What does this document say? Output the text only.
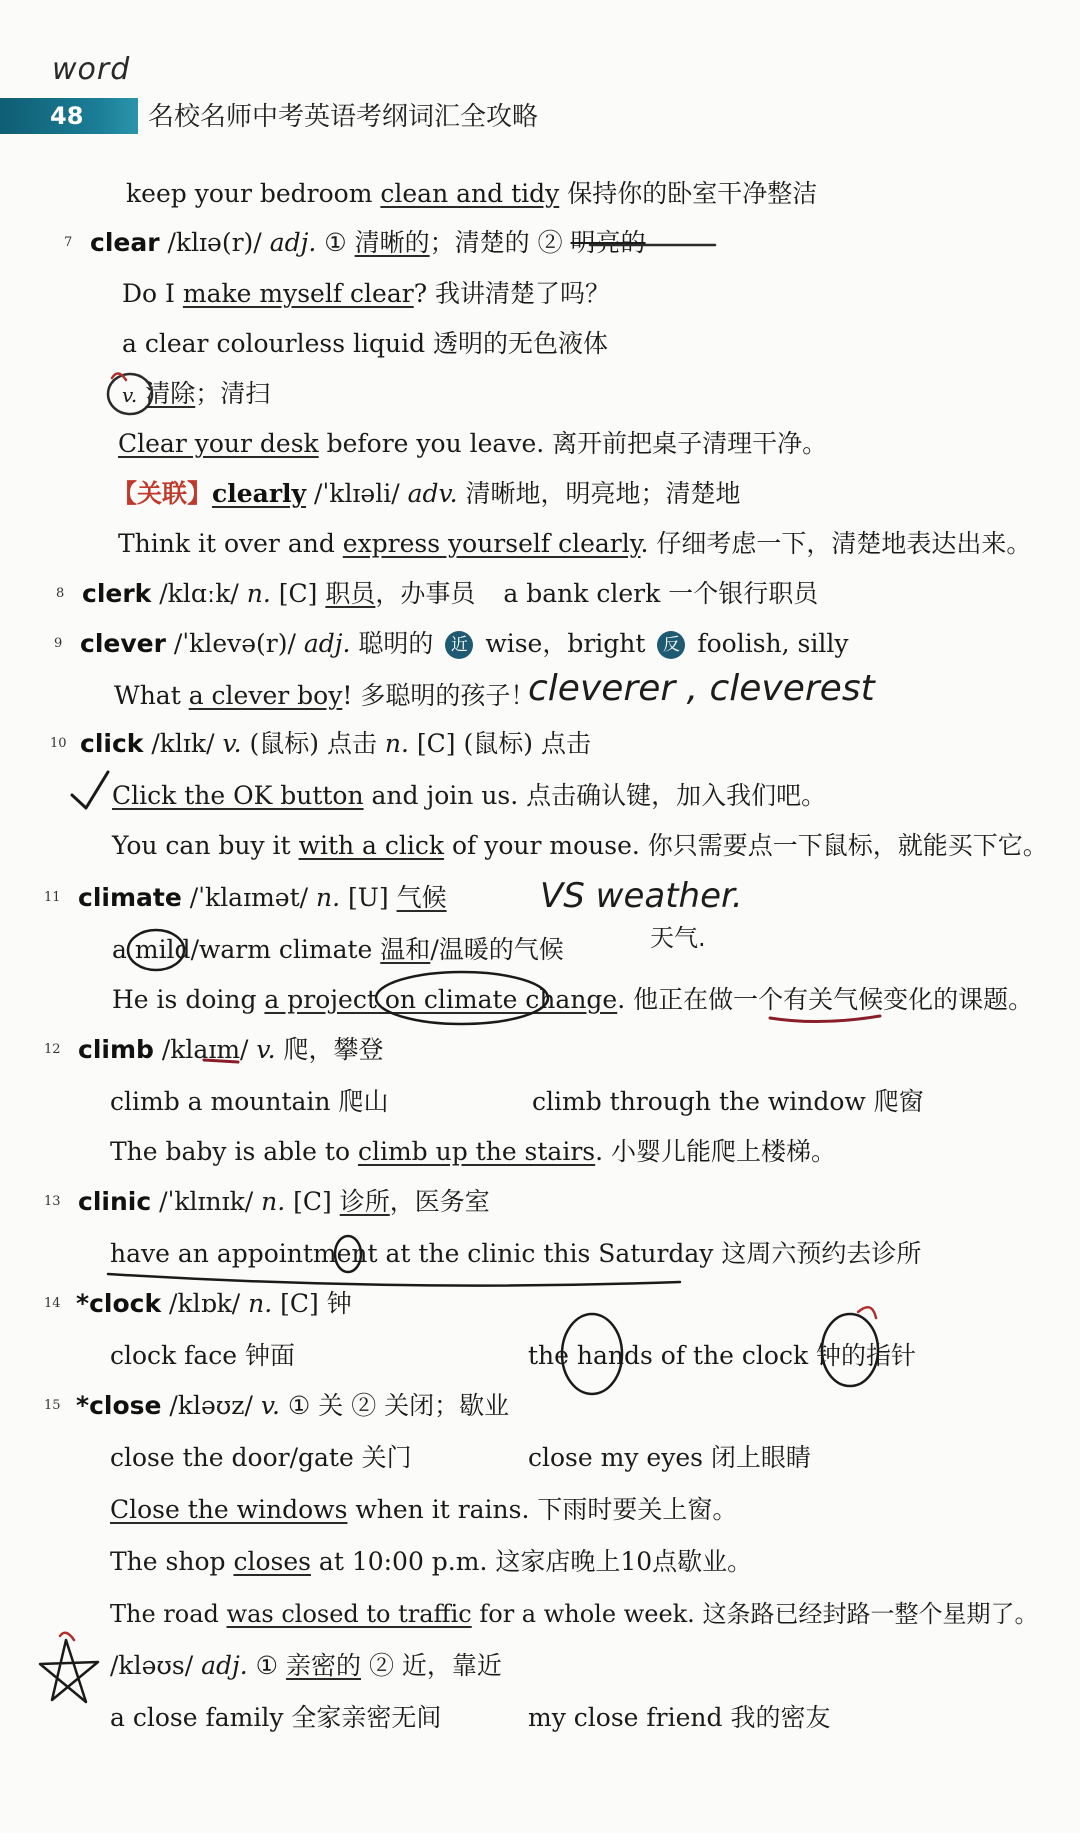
word
48 名校名师中考英语考纲词汇全攻略
keep your bedroom clean and tidy 保持你的卧室干净整洁
7 clear /klɪə(r)/ adj. ① 清晰的；清楚的 ② 明亮的
Do I make myself clear? 我讲清楚了吗？
a clear colourless liquid 透明的无色液体
v. 清除；清扫
Clear your desk before you leave. 离开前把桌子清理干净。
【关联】clearly /ˈklɪəli/ adv. 清晰地，明亮地；清楚地
Think it over and express yourself clearly. 仔细考虑一下，清楚地表达出来。
8 clerk /klɑːk/ n. [C] 职员，办事员 a bank clerk 一个银行职员
9 clever /ˈklevə(r)/ adj. 聪明的 近 wise，bright 反 foolish, silly
What a clever boy! 多聪明的孩子！
cleverer , cleverest
10 click /klɪk/ v. (鼠标) 点击 n. [C] (鼠标) 点击
Click the OK button and join us. 点击确认键，加入我们吧。
You can buy it with a click of your mouse. 你只需要点一下鼠标，就能买下它。
11 climate /ˈklaɪmət/ n. [U] 气候	VS weather.
天气.
a mild/warm climate 温和/温暖的气候
He is doing a project on climate change. 他正在做一个有关气候变化的课题。
12 climb /klaɪm/ v. 爬，攀登
climb a mountain 爬山	climb through the window 爬窗
The baby is able to climb up the stairs. 小婴儿能爬上楼梯。
13 clinic /ˈklɪnɪk/ n. [C] 诊所，医务室
have an appointment at the clinic this Saturday 这周六预约去诊所
14 *clock /klɒk/ n. [C] 钟
clock face 钟面	the hands of the clock 钟的指针
15 *close /kləʊz/ v. ① 关 ② 关闭；歇业
close the door/gate 关门	close my eyes 闭上眼睛
Close the windows when it rains. 下雨时要关上窗。
The shop closes at 10:00 p.m. 这家店晚上10点歇业。
The road was closed to traffic for a whole week. 这条路已经封路一整个星期了。
/kləʊs/ adj. ① 亲密的 ② 近，靠近
a close family 全家亲密无间	my close friend 我的密友
